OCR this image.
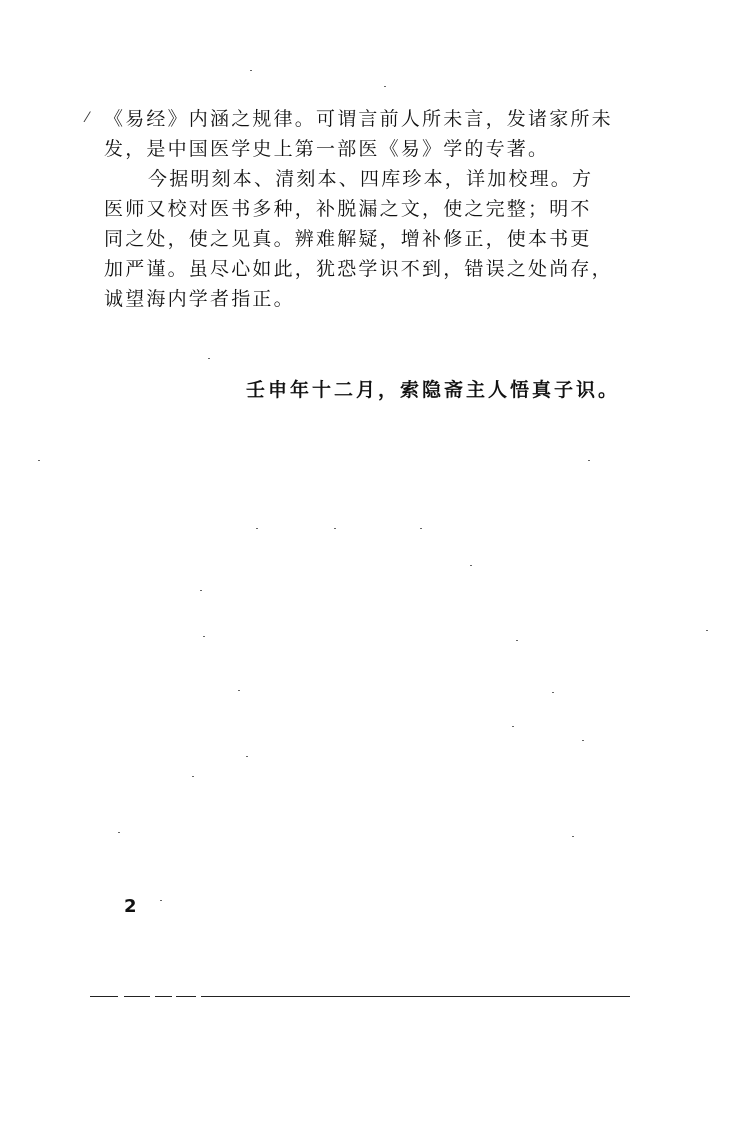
⁄ 《易经》内涵之规律。可谓言前人所未言，发诸家所未
发，是中国医学史上第一部医《易》学的专著。
今据明刻本、清刻本、四库珍本，详加校理。方
医师又校对医书多种，补脱漏之文，使之完整；明不
同之处，使之见真。辨难解疑，增补修正，使本书更
加严谨。虽尽心如此，犹恐学识不到，错误之处尚存，
诚望海内学者指正。
壬申年十二月，索隐斋主人悟真子识。
2
